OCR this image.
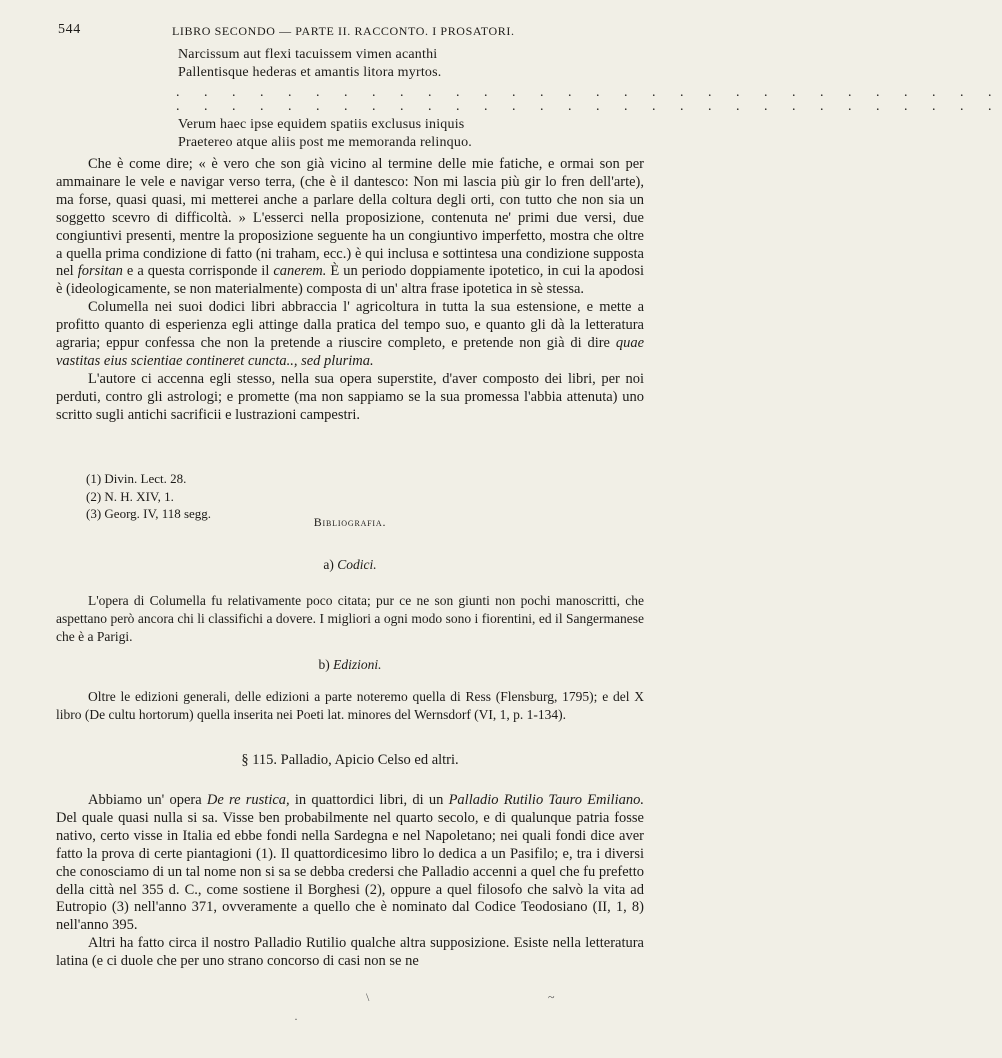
544	LIBRO SECONDO — PARTE II. RACCONTO. I PROSATORI.
Narcissum aut flexi tacuissem vimen acanthi
Pallentisque hederas et amantis litora myrtos.
. . . . . . . . . . . . . . . . . . . . . . . . . . . . . .
. . . . . . . . . . . . . . . . . . . . . . . . . . . . . .
Verum haec ipse equidem spatiis exclusus iniquis
Praetereo atque aliis post me memoranda relinquo.

Che è come dire; « è vero che son già vicino al termine delle mie fatiche, e ormai son per ammainare le vele e navigar verso terra, (che è il dantesco: Non mi lascia più gir lo fren dell'arte), ma forse, quasi quasi, mi metterei anche a parlare della coltura degli orti, con tutto che non sia un soggetto scevro di difficoltà. » L'esserci nella proposizione, contenuta ne' primi due versi, due congiuntivi presenti, mentre la proposizione seguente ha un congiuntivo imperfetto, mostra che oltre a quella prima condizione di fatto (ni traham, ecc.) è qui inclusa e sottintesa una condizione supposta nel forsitan e a questa corrisponde il canerem. È un periodo doppiamente ipotetico, in cui la apodosi è (ideologicamente, se non materialmente) composta di un' altra frase ipotetica in sè stessa.

Columella nei suoi dodici libri abbraccia l' agricoltura in tutta la sua estensione, e mette a profitto quanto di esperienza egli attinge dalla pratica del tempo suo, e quanto gli dà la letteratura agraria; eppur confessa che non la pretende a riuscire completo, e pretende non già di dire quae vastitas eius scientiae contineret cuncta.., sed plurima.

L'autore ci accenna egli stesso, nella sua opera superstite, d'aver composto dei libri, per noi perduti, contro gli astrologi; e promette (ma non sappiamo se la sua promessa l'abbia attenuta) uno scritto sugli antichi sacrificii e lustrazioni campestri.

(1) Divin. Lect. 28.
(2) N. H. XIV, 1.
(3) Georg. IV, 118 segg.
Bibliografia.
a) Codici.

L'opera di Columella fu relativamente poco citata; pur ce ne son giunti non pochi manoscritti, che aspettano però ancora chi li classifichi a dovere. I migliori a ogni modo sono i fiorentini, ed il Sangermanese che è a Parigi.

b) Edizioni.

Oltre le edizioni generali, delle edizioni a parte noteremo quella di Ress (Flensburg, 1795); e del X libro (De cultu hortorum) quella inserita nei Poeti lat. minores del Wernsdorf (VI, 1, p. 1-134).

§ 115. Palladio, Apicio Celso ed altri.

Abbiamo un' opera De re rustica, in quattordici libri, di un Palladio Rutilio Tauro Emiliano. Del quale quasi nulla si sa. Visse ben probabilmente nel quarto secolo, e di qualunque patria fosse nativo, certo visse in Italia ed ebbe fondi nella Sardegna e nel Napoletano; nei quali fondi dice aver fatto la prova di certe piantagioni (1). Il quattordicesimo libro lo dedica a un Pasifilo; e, tra i diversi che conosciamo di un tal nome non si sa se debba credersi che Palladio accenni a quel che fu prefetto della città nel 355 d. C., come sostiene il Borghesi (2), oppure a quel filosofo che salvò la vita ad Eutropio (3) nell'anno 371, ovveramente a quello che è nominato dal Codice Teodosiano (II, 1, 8) nell'anno 395.

Altri ha fatto circa il nostro Palladio Rutilio qualche altra supposizione. Esiste nella letteratura latina (e ci duole che per uno strano concorso di casi non se ne

\	~
·
